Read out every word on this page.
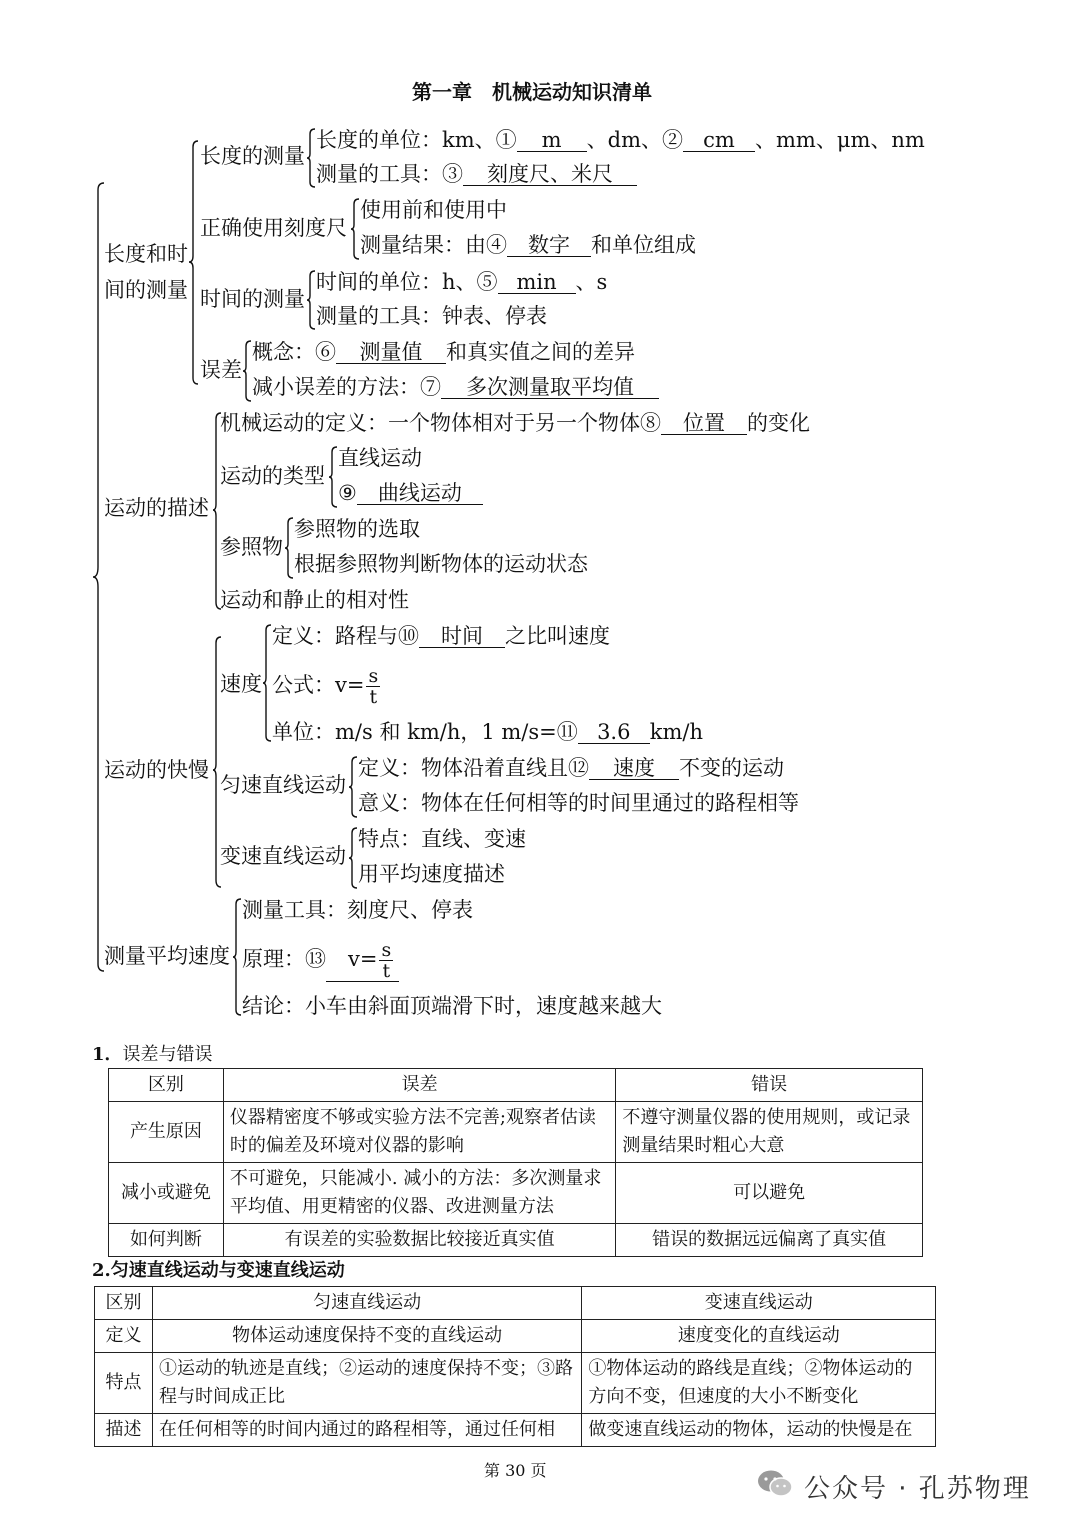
第一章　机械运动知识清单
长度和时
间的测量
长度的测量
长度的单位：km、① m 、dm、② cm 、mm、μm、nm
测量的工具：③ 刻度尺、米尺
正确使用刻度尺
使用前和使用中
测量结果：由④ 数字 和单位组成
时间的测量
时间的单位：h、⑤ min 、s
测量的工具：钟表、停表
误差
概念：⑥ 测量值 和真实值之间的差异
减小误差的方法：⑦ 多次测量取平均值
运动的描述
机械运动的定义：一个物体相对于另一个物体⑧ 位置 的变化
运动的类型
直线运动
⑨ 曲线运动
参照物
参照物的选取
根据参照物判断物体的运动状态
运动和静止的相对性
运动的快慢
速度
定义：路程与⑩ 时间 之比叫速度
公式：$v= \frac{s}{t}$
单位：m/s 和 km/h，1 m/s=⑪ 3.6 km/h
匀速直线运动
定义：物体沿着直线且⑫ 速度 不变的运动
意义：物体在任何相等的时间里通过的路程相等
变速直线运动
特点：直线、变速
用平均速度描述
测量平均速度
测量工具：刻度尺、停表
原理：⑬ $v= \frac{s}{t}$
结论：小车由斜面顶端滑下时，速度越来越大
1．误差与错误
区别	误差	错误
产生原因	仪器精密度不够或实验方法不完善;观察者估读时的偏差及环境对仪器的影响	不遵守测量仪器的使用规则，或记录测量结果时粗心大意
减小或避免	不可避免，只能减小. 减小的方法：多次测量求平均值、用更精密的仪器、改进测量方法	可以避免
如何判断	有误差的实验数据比较接近真实值	错误的数据远远偏离了真实值
2.匀速直线运动与变速直线运动
区别	匀速直线运动	变速直线运动
定义	物体运动速度保持不变的直线运动	速度变化的直线运动
特点	①运动的轨迹是直线；②运动的速度保持不变；③路程与时间成正比	①物体运动的路线是直线；②物体运动的方向不变，但速度的大小不断变化
描述	在任何相等的时间内通过的路程相等，通过任何相	做变速直线运动的物体，运动的快慢是在
第 30 页
公众号 · 孔苏物理
